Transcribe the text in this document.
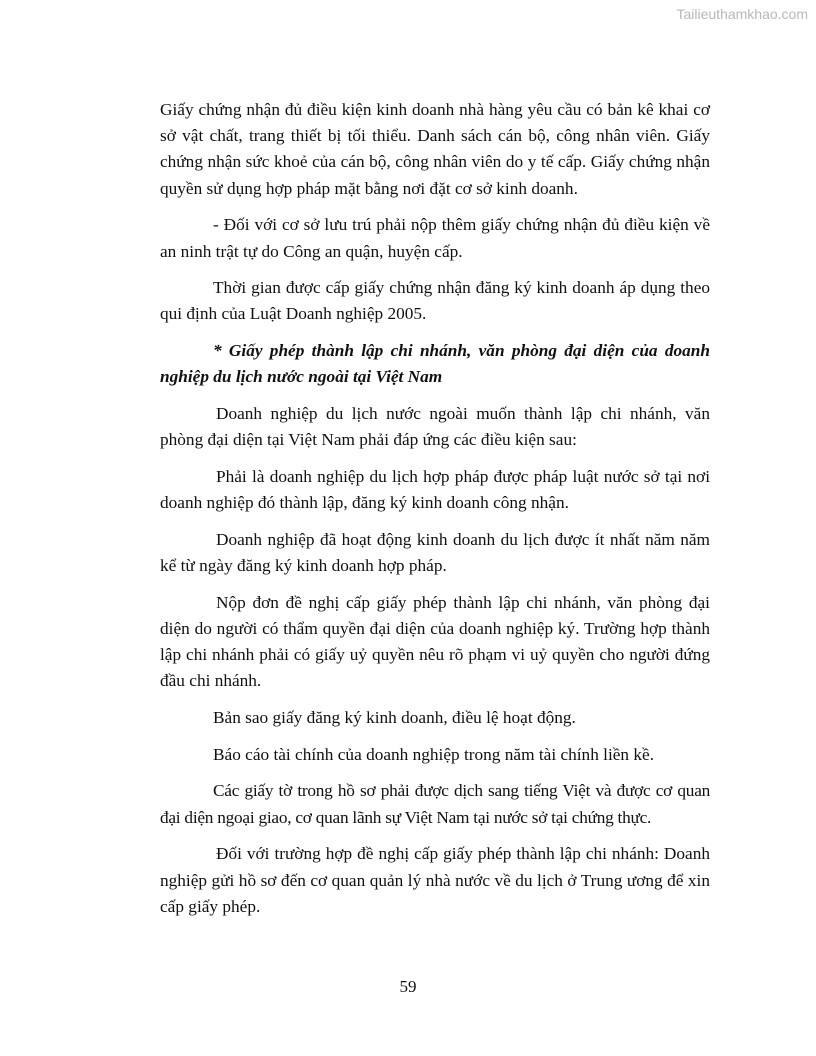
Tailieuthamkhao.com

Giấy chứng nhận đủ điều kiện kinh doanh nhà hàng yêu cầu có bản kê khai cơ sở vật chất, trang thiết bị tối thiểu. Danh sách cán bộ, công nhân viên. Giấy chứng nhận sức khoẻ của cán bộ, công nhân viên do y tế cấp. Giấy chứng nhận quyền sử dụng hợp pháp mặt bằng nơi đặt cơ sở kinh doanh.

- Đối với cơ sở lưu trú phải nộp thêm giấy chứng nhận đủ điều kiện về an ninh trật tự do Công an quận, huyện cấp.

Thời gian được cấp giấy chứng nhận đăng ký kinh doanh áp dụng theo qui định của Luật Doanh nghiệp 2005.

* Giấy phép thành lập chi nhánh, văn phòng đại diện của doanh nghiệp du lịch nước ngoài tại Việt Nam

Doanh nghiệp du lịch nước ngoài muốn thành lập chi nhánh, văn phòng đại diện tại Việt Nam phải đáp ứng các điều kiện sau:

Phải là doanh nghiệp du lịch hợp pháp được pháp luật nước sở tại nơi doanh nghiệp đó thành lập, đăng ký kinh doanh công nhận.

Doanh nghiệp đã hoạt động kinh doanh du lịch được ít nhất năm năm kể từ ngày đăng ký kinh doanh hợp pháp.

Nộp đơn đề nghị cấp giấy phép thành lập chi nhánh, văn phòng đại diện do người có thẩm quyền đại diện của doanh nghiệp ký. Trường hợp thành lập chi nhánh phải có giấy uỷ quyền nêu rõ phạm vi uỷ quyền cho người đứng đầu chi nhánh.

Bản sao giấy đăng ký kinh doanh, điều lệ hoạt động.

Báo cáo tài chính của doanh nghiệp trong năm tài chính liền kề.

Các giấy tờ trong hồ sơ phải được dịch sang tiếng Việt và được cơ quan đại diện ngoại giao, cơ quan lãnh sự Việt Nam tại nước sở tại chứng thực.

Đối với trường hợp đề nghị cấp giấy phép thành lập chi nhánh: Doanh nghiệp gửi hồ sơ đến cơ quan quản lý nhà nước về du lịch ở Trung ương để xin cấp giấy phép.

59
